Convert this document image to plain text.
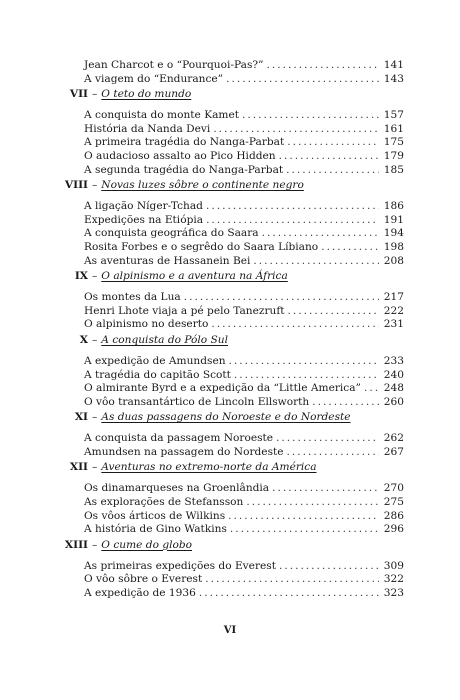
Jean Charcot e o “Pourquoi-Pas?” .....	141
A viagem do “Endurance” .....	143
VII – O teto do mundo
A conquista do monte Kamet .....	157
História da Nanda Devi .....	161
A primeira tragédia do Nanga-Parbat .....	175
O audacioso assalto ao Pico Hidden .....	179
A segunda tragédia do Nanga-Parbat .....	185
VIII – Novas luzes sôbre o continente negro
A ligação Níger-Tchad .....	186
Expedições na Etiópia .....	191
A conquista geográfica do Saara .....	194
Rosita Forbes e o segrêdo do Saara Líbiano .....	198
As aventuras de Hassanein Bei .....	208
IX – O alpinismo e a aventura na África
Os montes da Lua .....	217
Henri Lhote viaja a pé pelo Tanezruft .....	222
O alpinismo no deserto .....	231
X – A conquista do Pólo Sul
A expedição de Amundsen .....	233
A tragédia do capitão Scott .....	240
O almirante Byrd e a expedição da “Little America” ..... 248
O vôo transantártico de Lincoln Ellsworth .....	260
XI – As duas passagens do Noroeste e do Nordeste
A conquista da passagem Noroeste .....	262
Amundsen na passagem do Nordeste .....	267
XII – Aventuras no extremo-norte da América
Os dinamarqueses na Groenlândia .....	270
As explorações de Stefansson .....	275
Os vôos árticos de Wilkins .....	286
A história de Gino Watkins .....	296
XIII – O cume do globo
As primeiras expedições do Everest .....	309
O vôo sôbre o Everest .....	322
A expedição de 1936 .....	323
VI
